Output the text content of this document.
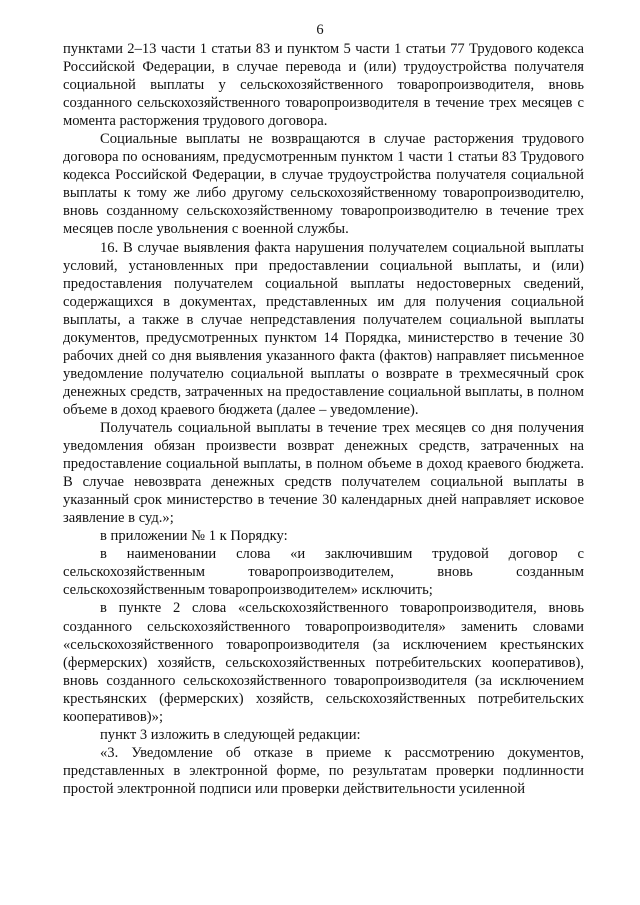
6

пунктами 2–13 части 1 статьи 83 и пунктом 5 части 1 статьи 77 Трудового кодекса Российской Федерации, в случае перевода и (или) трудоустройства получателя социальной выплаты у сельскохозяйственного товаропроизводителя, вновь созданного сельскохозяйственного товаропроизводителя в течение трех месяцев с момента расторжения трудового договора.

Социальные выплаты не возвращаются в случае расторжения трудового договора по основаниям, предусмотренным пунктом 1 части 1 статьи 83 Трудового кодекса Российской Федерации, в случае трудоустройства получателя социальной выплаты к тому же либо другому сельскохозяйственному товаропроизводителю, вновь созданному сельскохозяйственному товаропроизводителю в течение трех месяцев после увольнения с военной службы.

16. В случае выявления факта нарушения получателем социальной выплаты условий, установленных при предоставлении социальной выплаты, и (или) предоставления получателем социальной выплаты недостоверных сведений, содержащихся в документах, представленных им для получения социальной выплаты, а также в случае непредставления получателем социальной выплаты документов, предусмотренных пунктом 14 Порядка, министерство в течение 30 рабочих дней со дня выявления указанного факта (фактов) направляет письменное уведомление получателю социальной выплаты о возврате в трехмесячный срок денежных средств, затраченных на предоставление социальной выплаты, в полном объеме в доход краевого бюджета (далее – уведомление).

Получатель социальной выплаты в течение трех месяцев со дня получения уведомления обязан произвести возврат денежных средств, затраченных на предоставление социальной выплаты, в полном объеме в доход краевого бюджета. В случае невозврата денежных средств получателем социальной выплаты в указанный срок министерство в течение 30 календарных дней направляет исковое заявление в суд.»;

в приложении № 1 к Порядку:

в наименовании слова «и заключившим трудовой договор с сельскохозяйственным товаропроизводителем, вновь созданным сельскохозяйственным товаропроизводителем» исключить;

в пункте 2 слова «сельскохозяйственного товаропроизводителя, вновь созданного сельскохозяйственного товаропроизводителя» заменить словами «сельскохозяйственного товаропроизводителя (за исключением крестьянских (фермерских) хозяйств, сельскохозяйственных потребительских кооперативов), вновь созданного сельскохозяйственного товаропроизводителя (за исключением крестьянских (фермерских) хозяйств, сельскохозяйственных потребительских кооперативов)»;

пункт 3 изложить в следующей редакции:

«3. Уведомление об отказе в приеме к рассмотрению документов, представленных в электронной форме, по результатам проверки подлинности простой электронной подписи или проверки действительности усиленной
